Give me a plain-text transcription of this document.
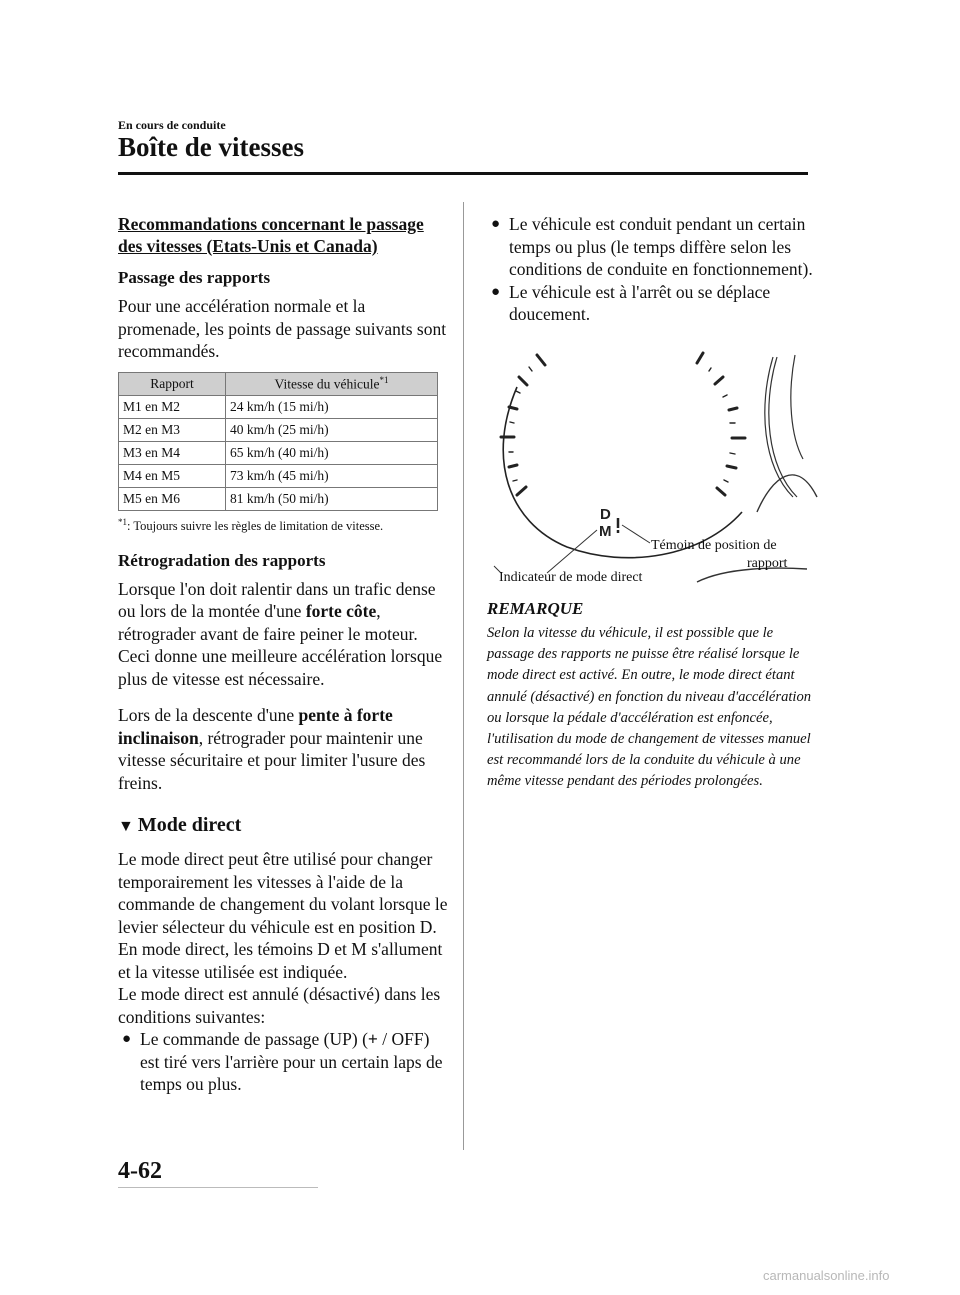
En cours de conduite
Boîte de vitesses
Recommandations concernant le passage des vitesses (Etats-Unis et Canada)
Passage des rapports

Pour une accélération normale et la promenade, les points de passage suivants sont recommandés.

Rapport	Vitesse du véhicule$^{*1}$
M1 en M2	24 km/h (15 mi/h)
M2 en M3	40 km/h (25 mi/h)
M3 en M4	65 km/h (40 mi/h)
M4 en M5	73 km/h (45 mi/h)
M5 en M6	81 km/h (50 mi/h)
$^{*1}$: Toujours suivre les règles de limitation de vitesse.
Rétrogradation des rapports

Lorsque l'on doit ralentir dans un trafic dense ou lors de la montée d'une forte côte, rétrograder avant de faire peiner le moteur. Ceci donne une meilleure accélération lorsque plus de vitesse est nécessaire.

Lors de la descente d'une pente à forte inclinaison, rétrograder pour maintenir une vitesse sécuritaire et pour limiter l'usure des freins.

▼ Mode direct

Le mode direct peut être utilisé pour changer temporairement les vitesses à l'aide de la commande de changement du volant lorsque le levier sélecteur du véhicule est en position D.

En mode direct, les témoins D et M s'allument et la vitesse utilisée est indiquée.

Le mode direct est annulé (désactivé) dans les conditions suivantes:

● Le commande de passage (UP) (+ / OFF) est tiré vers l'arrière pour un certain laps de temps ou plus.
● Le véhicule est conduit pendant un certain temps ou plus (le temps diffère selon les conditions de conduite en fonctionnement).
● Le véhicule est à l'arrêt ou se déplace doucement.
D
M
Témoin de position de
rapport
Indicateur de mode direct
REMARQUE

Selon la vitesse du véhicule, il est possible que le passage des rapports ne puisse être réalisé lorsque le mode direct est activé. En outre, le mode direct étant annulé (désactivé) en fonction du niveau d'accélération ou lorsque la pédale d'accélération est enfoncée, l'utilisation du mode de changement de vitesses manuel est recommandé lors de la conduite du véhicule à une même vitesse pendant des périodes prolongées.

4-62
carmanualsonline.info
